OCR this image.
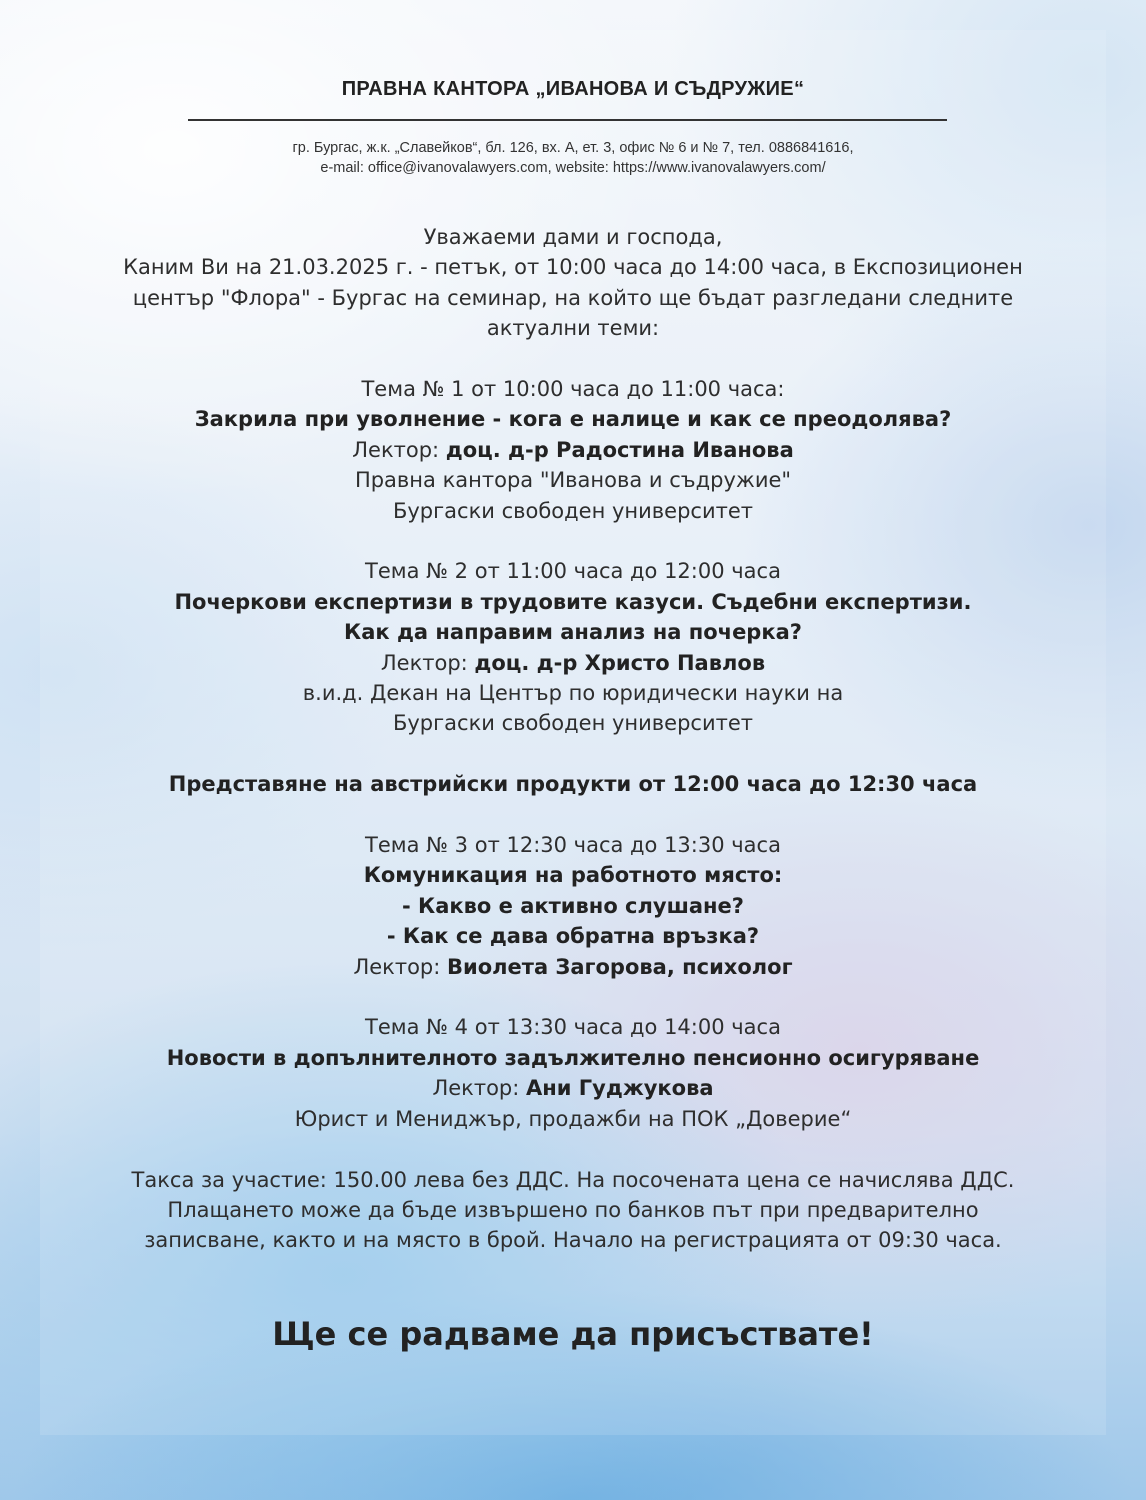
ПРАВНА КАНТОРА „ИВАНОВА И СЪДРУЖИЕ“
гр. Бургас, ж.к. „Славейков“, бл. 126, вх. А, ет. 3, офис № 6 и № 7, тел. 0886841616,
e-mail: office@ivanovalawyers.com, website: https://www.ivanovalawyers.com/

Уважаеми дами и господа,

Каним Ви на 21.03.2025 г. - петък, от 10:00 часа до 14:00 часа, в Експозиционен

център "Флора" - Бургас на семинар, на който ще бъдат разгледани следните

актуални теми:

Тема № 1 от 10:00 часа до 11:00 часа:

Закрила при уволнение - кога е налице и как се преодолява?

Лектор: доц. д-р Радостина Иванова

Правна кантора "Иванова и съдружие"

Бургаски свободен университет

Тема № 2 от 11:00 часа до 12:00 часа

Почеркови експертизи в трудовите казуси. Съдебни експертизи.

Как да направим анализ на почерка?

Лектор: доц. д-р Христо Павлов

в.и.д. Декан на Център по юридически науки на

Бургаски свободен университет

Представяне на австрийски продукти от 12:00 часа до 12:30 часа

Тема № 3 от 12:30 часа до 13:30 часа

Комуникация на работното място:

- Какво е активно слушане?

- Как се дава обратна връзка?

Лектор: Виолета Загорова, психолог

Тема № 4 от 13:30 часа до 14:00 часа

Новости в допълнителното задължително пенсионно осигуряване

Лектор: Ани Гуджукова

Юрист и Мениджър, продажби на ПОК „Доверие“

Такса за участие: 150.00 лева без ДДС. На посочената цена се начислява ДДС.

Плащането може да бъде извършено по банков път при предварително

записване, както и на място в брой. Начало на регистрацията от 09:30 часа.

Ще се радваме да присъствате!
